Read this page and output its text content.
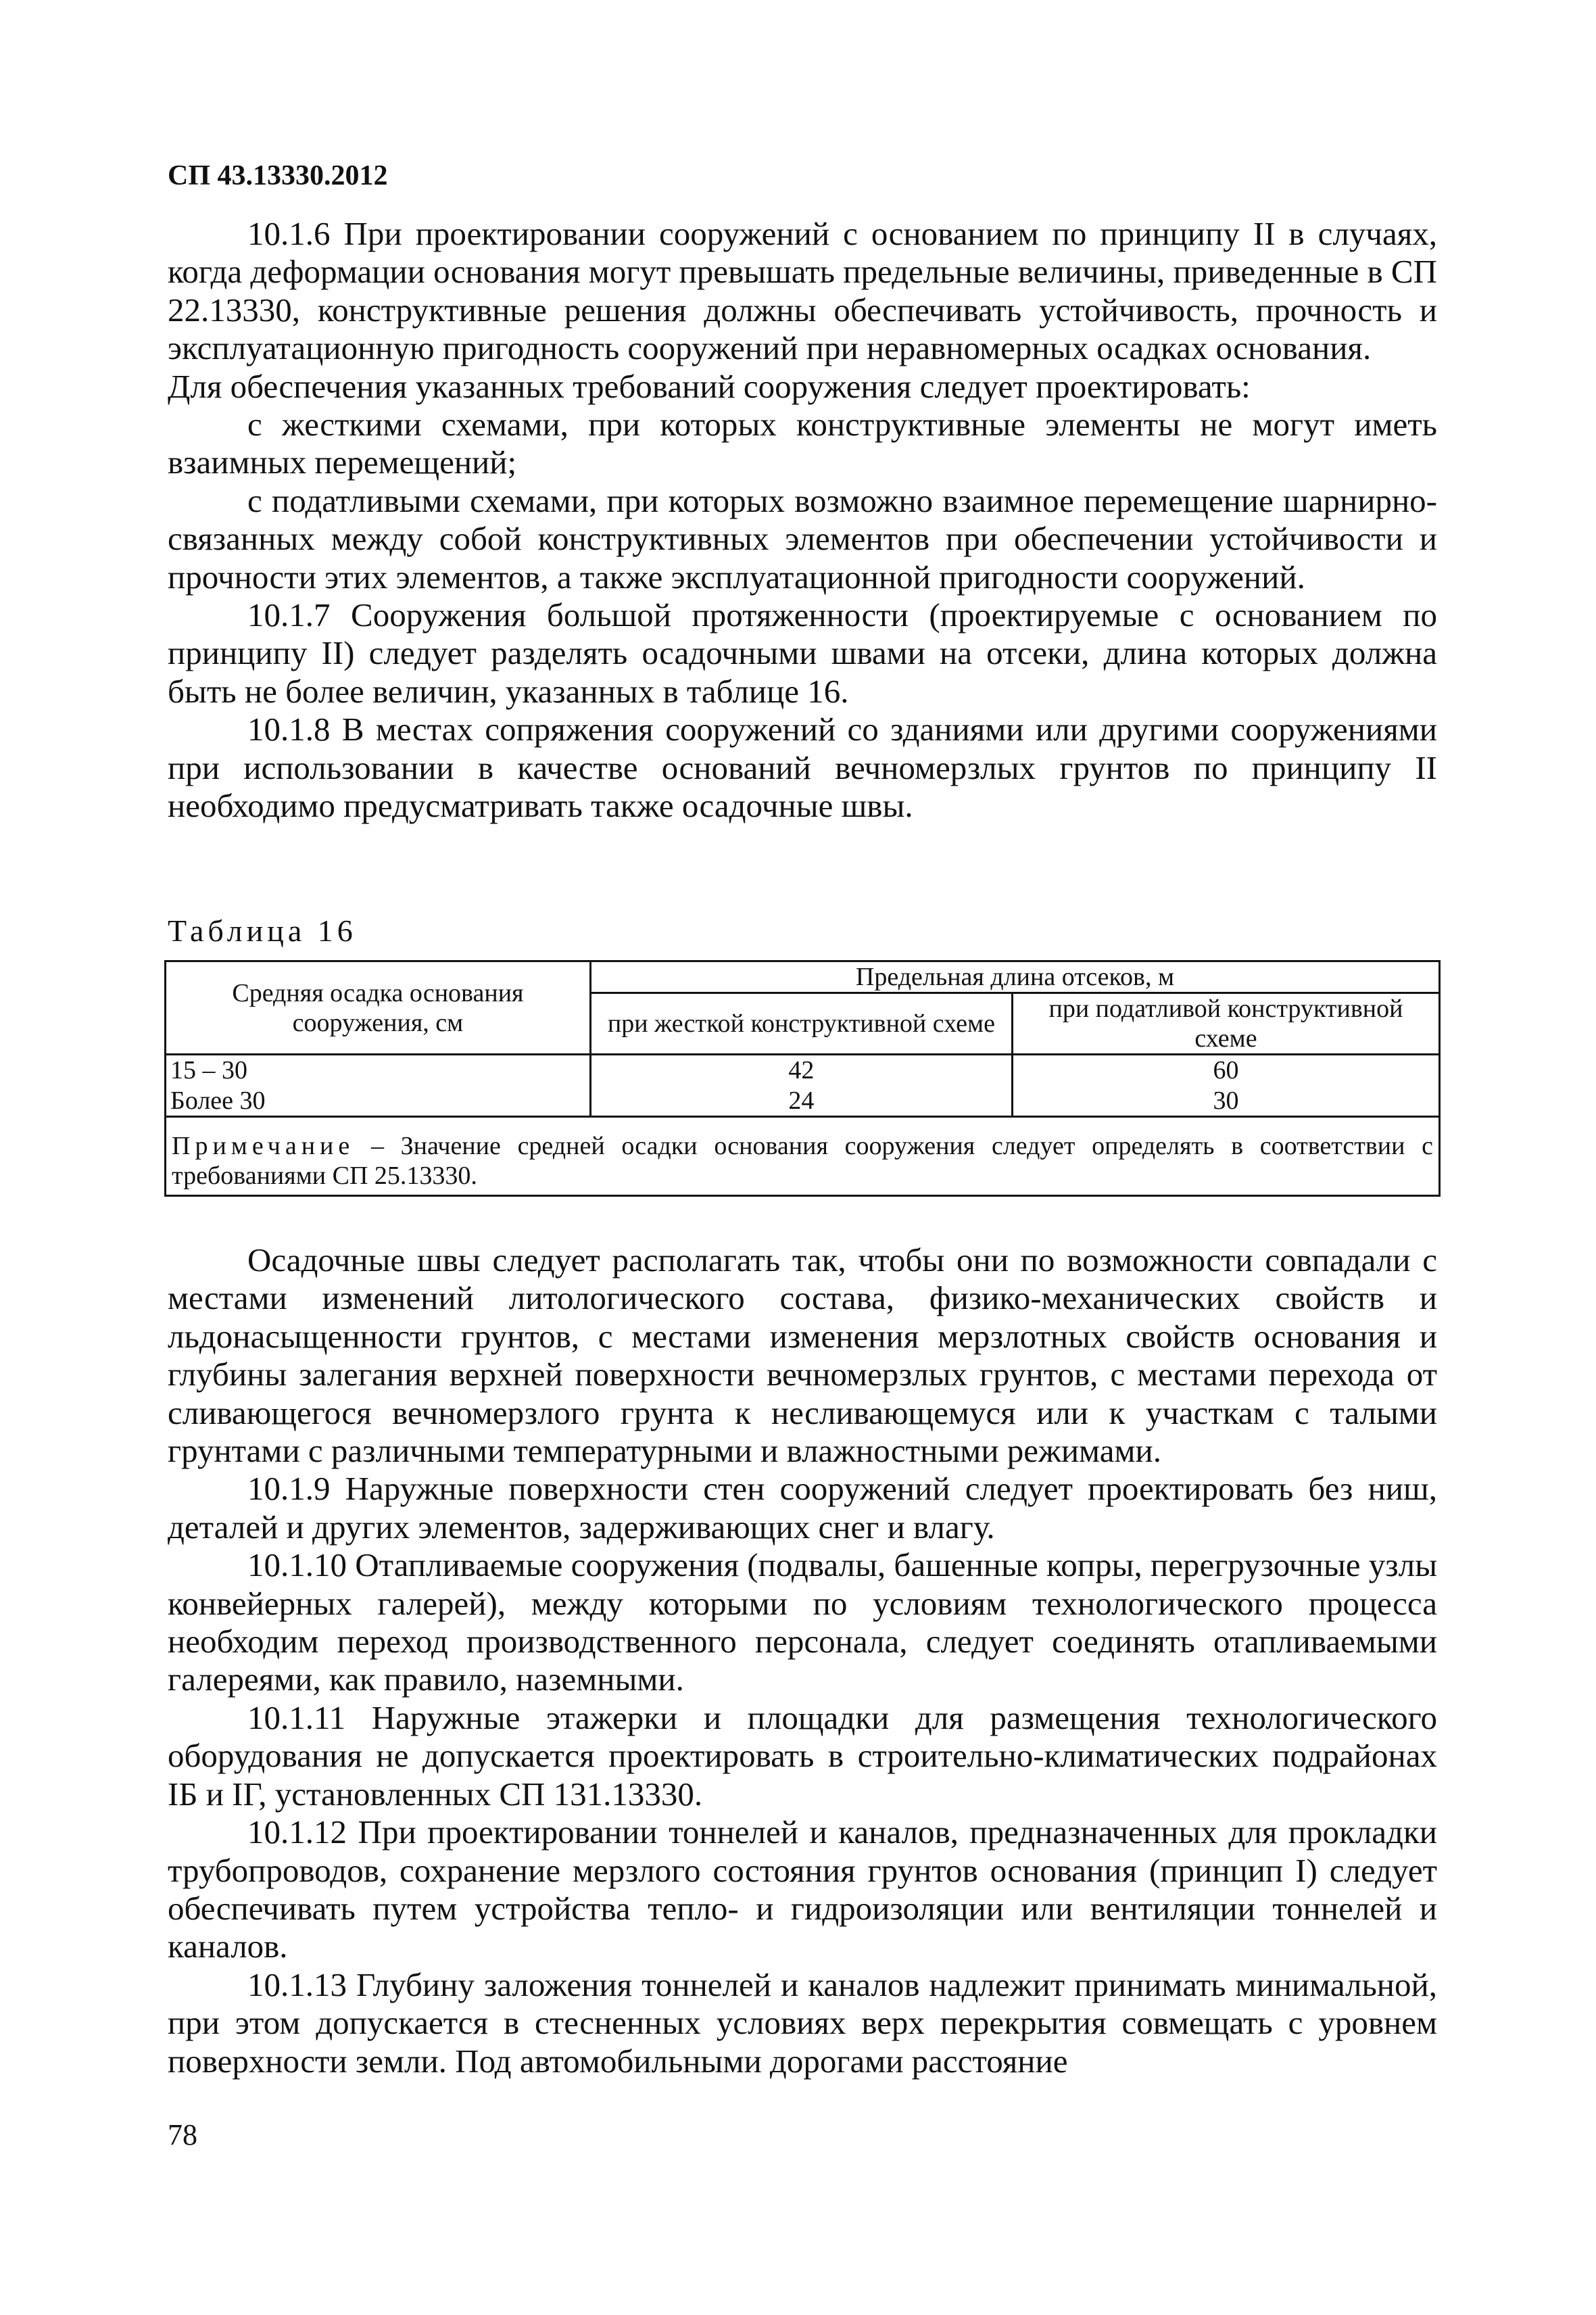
СП 43.13330.2012

10.1.6 При проектировании сооружений с основанием по принципу II в случаях, когда деформации основания могут превышать предельные величины, приведенные в СП 22.13330, конструктивные решения должны обеспечивать устойчивость, прочность и эксплуатационную пригодность сооружений при неравномерных осадках основания.

Для обеспечения указанных требований сооружения следует проектировать:

с жесткими схемами, при которых конструктивные элементы не могут иметь взаимных перемещений;

с податливыми схемами, при которых возможно взаимное перемещение шарнирно-связанных между собой конструктивных элементов при обеспечении устойчивости и прочности этих элементов, а также эксплуатационной пригодности сооружений.

10.1.7 Сооружения большой протяженности (проектируемые с основанием по принципу II) следует разделять осадочными швами на отсеки, длина которых должна быть не более величин, указанных в таблице 16.

10.1.8 В местах сопряжения сооружений со зданиями или другими сооружениями при использовании в качестве оснований вечномерзлых грунтов по принципу II необходимо предусматривать также осадочные швы.

Таблица 16
Средняя осадка основания сооружения, см	Предельная длина отсеков, м	
	при жесткой конструктивной схеме	при податливой конструктивной схеме
15 – 30	42	60
Более 30	24	30
Примечание – Значение средней осадки основания сооружения следует определять в соответствии с требованиями СП 25.13330.		

Осадочные швы следует располагать так, чтобы они по возможности совпадали с местами изменений литологического состава, физико-механических свойств и льдонасыщенности грунтов, с местами изменения мерзлотных свойств основания и глубины залегания верхней поверхности вечномерзлых грунтов, с местами перехода от сливающегося вечномерзлого грунта к несливающемуся или к участкам с талыми грунтами с различными температурными и влажностными режимами.

10.1.9 Наружные поверхности стен сооружений следует проектировать без ниш, деталей и других элементов, задерживающих снег и влагу.

10.1.10 Отапливаемые сооружения (подвалы, башенные копры, перегрузочные узлы конвейерных галерей), между которыми по условиям технологического процесса необходим переход производственного персонала, следует соединять отапливаемыми галереями, как правило, наземными.

10.1.11 Наружные этажерки и площадки для размещения технологического оборудования не допускается проектировать в строительно-климатических подрайонах IБ и IГ, установленных СП 131.13330.

10.1.12 При проектировании тоннелей и каналов, предназначенных для прокладки трубопроводов, сохранение мерзлого состояния грунтов основания (принцип I) следует обеспечивать путем устройства тепло- и гидроизоляции или вентиляции тоннелей и каналов.

10.1.13 Глубину заложения тоннелей и каналов надлежит принимать минимальной, при этом допускается в стесненных условиях верх перекрытия совмещать с уровнем поверхности земли. Под автомобильными дорогами расстояние

78
